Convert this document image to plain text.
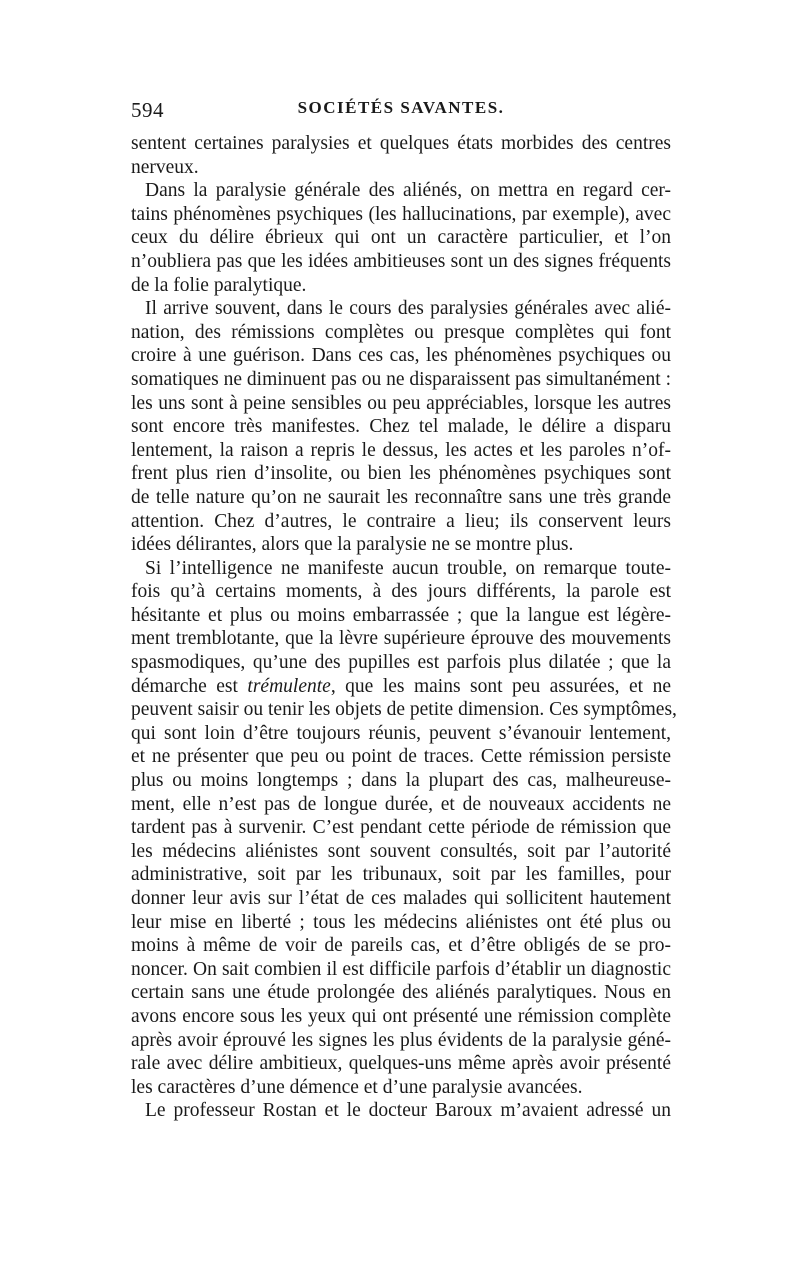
594	SOCIÉTÉS SAVANTES.
sentent certaines paralysies et quelques états morbides des centres
nerveux.
Dans la paralysie générale des aliénés, on mettra en regard cer-
tains phénomènes psychiques (les hallucinations, par exemple), avec
ceux du délire ébrieux qui ont un caractère particulier, et l’on
n’oubliera pas que les idées ambitieuses sont un des signes fréquents
de la folie paralytique.
Il arrive souvent, dans le cours des paralysies générales avec alié-
nation, des rémissions complètes ou presque complètes qui font
croire à une guérison. Dans ces cas, les phénomènes psychiques ou
somatiques ne diminuent pas ou ne disparaissent pas simultanément :
les uns sont à peine sensibles ou peu appréciables, lorsque les autres
sont encore très manifestes. Chez tel malade, le délire a disparu
lentement, la raison a repris le dessus, les actes et les paroles n’of-
frent plus rien d’insolite, ou bien les phénomènes psychiques sont
de telle nature qu’on ne saurait les reconnaître sans une très grande
attention. Chez d’autres, le contraire a lieu; ils conservent leurs
idées délirantes, alors que la paralysie ne se montre plus.
Si l’intelligence ne manifeste aucun trouble, on remarque toute-
fois qu’à certains moments, à des jours différents, la parole est
hésitante et plus ou moins embarrassée ; que la langue est légère-
ment tremblotante, que la lèvre supérieure éprouve des mouvements
spasmodiques, qu’une des pupilles est parfois plus dilatée ; que la
démarche est trémulente, que les mains sont peu assurées, et ne
peuvent saisir ou tenir les objets de petite dimension. Ces symptômes,
qui sont loin d’être toujours réunis, peuvent s’évanouir lentement,
et ne présenter que peu ou point de traces. Cette rémission persiste
plus ou moins longtemps ; dans la plupart des cas, malheureuse-
ment, elle n’est pas de longue durée, et de nouveaux accidents ne
tardent pas à survenir. C’est pendant cette période de rémission que
les médecins aliénistes sont souvent consultés, soit par l’autorité
administrative, soit par les tribunaux, soit par les familles, pour
donner leur avis sur l’état de ces malades qui sollicitent hautement
leur mise en liberté ; tous les médecins aliénistes ont été plus ou
moins à même de voir de pareils cas, et d’être obligés de se pro-
noncer. On sait combien il est difficile parfois d’établir un diagnostic
certain sans une étude prolongée des aliénés paralytiques. Nous en
avons encore sous les yeux qui ont présenté une rémission complète
après avoir éprouvé les signes les plus évidents de la paralysie géné-
rale avec délire ambitieux, quelques-uns même après avoir présenté
les caractères d’une démence et d’une paralysie avancées.
Le professeur Rostan et le docteur Baroux m’avaient adressé un
